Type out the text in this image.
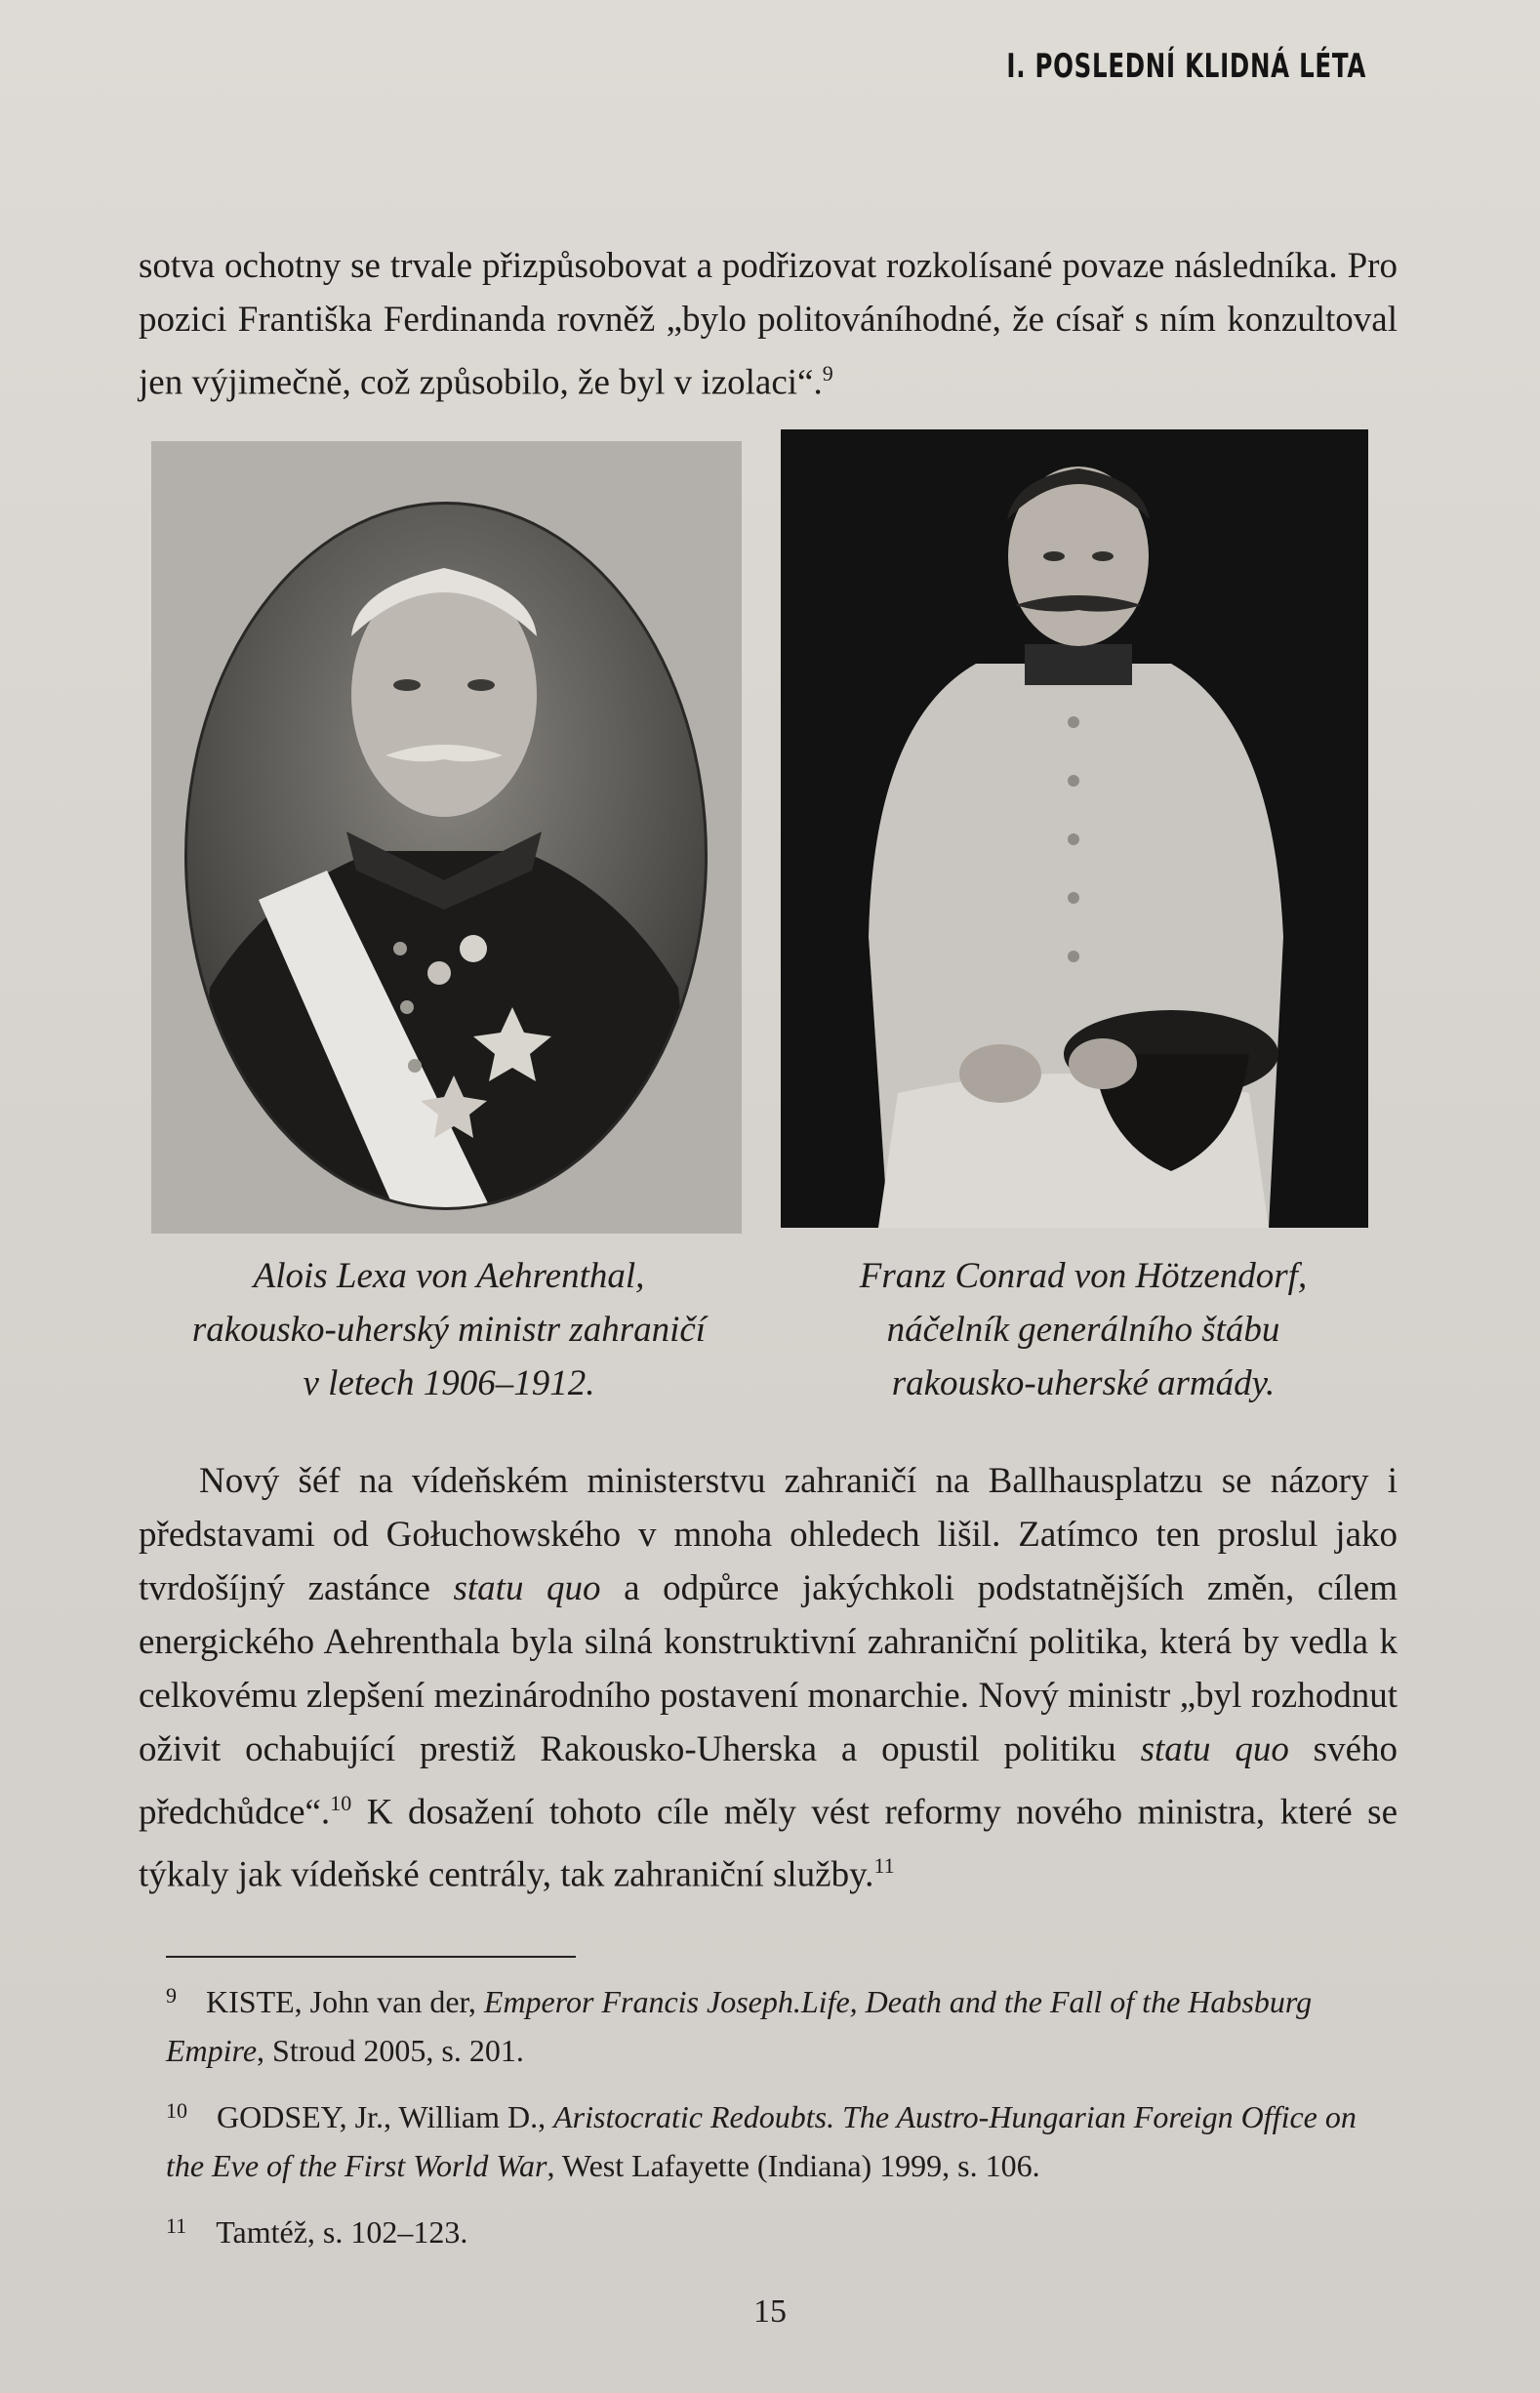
I. POSLEDNÍ KLIDNÁ LÉTA

sotva ochotny se trvale přizpůsobovat a podřizovat rozkolísané povaze následníka. Pro pozici Františka Ferdinanda rovněž „bylo politováníhodné, že císař s ním konzultoval jen výjimečně, což způsobilo, že byl v izolaci“.$^9$

Alois Lexa von Aehrenthal,
rakousko-uherský ministr zahraničí
v letech 1906–1912.

Franz Conrad von Hötzendorf,
náčelník generálního štábu
rakousko-uherské armády.

Nový šéf na vídeňském ministerstvu zahraničí na Ballhausplatzu se názory i představami od Gołuchowského v mnoha ohledech lišil. Zatímco ten proslul jako tvrdošíjný zastánce statu quo a odpůrce jakýchkoli podstatnějších změn, cílem energického Aehrenthala byla silná konstruktivní zahraniční politika, která by vedla k celkovému zlepšení mezinárodního postavení monarchie. Nový ministr „byl rozhodnut oživit ochabující prestiž Rakousko-Uherska a opustil politiku statu quo svého předchůdce“.$^{10}$ K dosažení tohoto cíle měly vést reformy nového ministra, které se týkaly jak vídeňské centrály, tak zahraniční služby.$^{11}$

$^9$ KISTE, John van der, Emperor Francis Joseph.Life, Death and the Fall of the Habsburg Empire, Stroud 2005, s. 201.

$^{10}$ GODSEY, Jr., William D., Aristocratic Redoubts. The Austro-Hungarian Foreign Office on the Eve of the First World War, West Lafayette (Indiana) 1999, s. 106.

$^{11}$ Tamtéž, s. 102–123.

15
